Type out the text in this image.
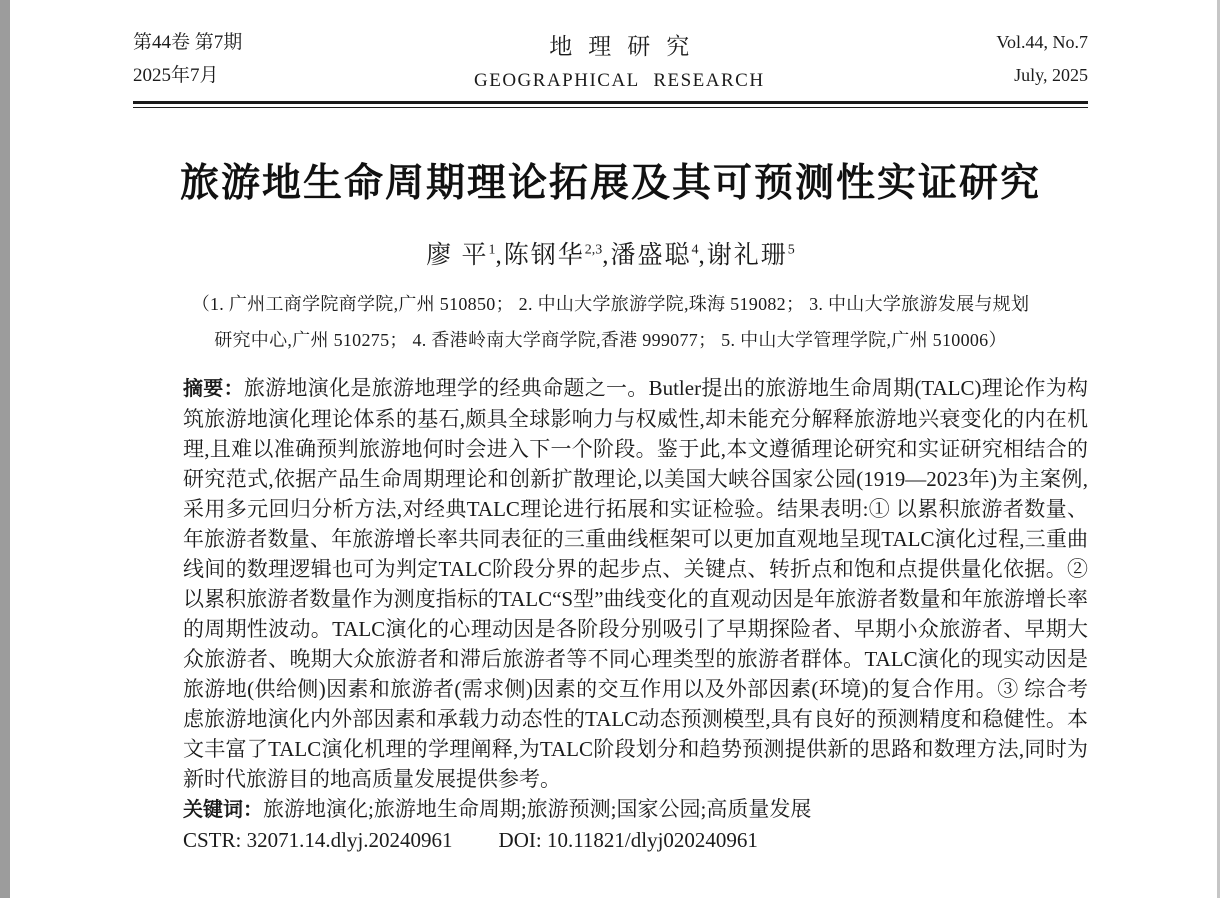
第44卷 第7期
2025年7月
地理研究
GEOGRAPHICAL RESEARCH
Vol.44, No.7
July, 2025
旅游地生命周期理论拓展及其可预测性实证研究
廖 平$^1$,陈钢华$^{2,3}$,潘盛聪$^4$,谢礼珊$^5$
（1. 广州工商学院商学院,广州 510850； 2. 中山大学旅游学院,珠海 519082； 3. 中山大学旅游发展与规划
研究中心,广州 510275； 4. 香港岭南大学商学院,香港 999077； 5. 中山大学管理学院,广州 510006）
摘要：旅游地演化是旅游地理学的经典命题之一。Butler提出的旅游地生命周期(TALC)理论作为构筑旅游地演化理论体系的基石,颇具全球影响力与权威性,却未能充分解释旅游地兴衰变化的内在机理,且难以准确预判旅游地何时会进入下一个阶段。鉴于此,本文遵循理论研究和实证研究相结合的研究范式,依据产品生命周期理论和创新扩散理论,以美国大峡谷国家公园(1919—2023年)为主案例,采用多元回归分析方法,对经典TALC理论进行拓展和实证检验。结果表明:① 以累积旅游者数量、年旅游者数量、年旅游增长率共同表征的三重曲线框架可以更加直观地呈现TALC演化过程,三重曲线间的数理逻辑也可为判定TALC阶段分界的起步点、关键点、转折点和饱和点提供量化依据。② 以累积旅游者数量作为测度指标的TALC“S型”曲线变化的直观动因是年旅游者数量和年旅游增长率的周期性波动。TALC演化的心理动因是各阶段分别吸引了早期探险者、早期小众旅游者、早期大众旅游者、晚期大众旅游者和滞后旅游者等不同心理类型的旅游者群体。TALC演化的现实动因是旅游地(供给侧)因素和旅游者(需求侧)因素的交互作用以及外部因素(环境)的复合作用。③ 综合考虑旅游地演化内外部因素和承载力动态性的TALC动态预测模型,具有良好的预测精度和稳健性。本文丰富了TALC演化机理的学理阐释,为TALC阶段划分和趋势预测提供新的思路和数理方法,同时为新时代旅游目的地高质量发展提供参考。
关键词：旅游地演化;旅游地生命周期;旅游预测;国家公园;高质量发展
CSTR: 32071.14.dlyj.20240961 DOI: 10.11821/dlyj020240961
